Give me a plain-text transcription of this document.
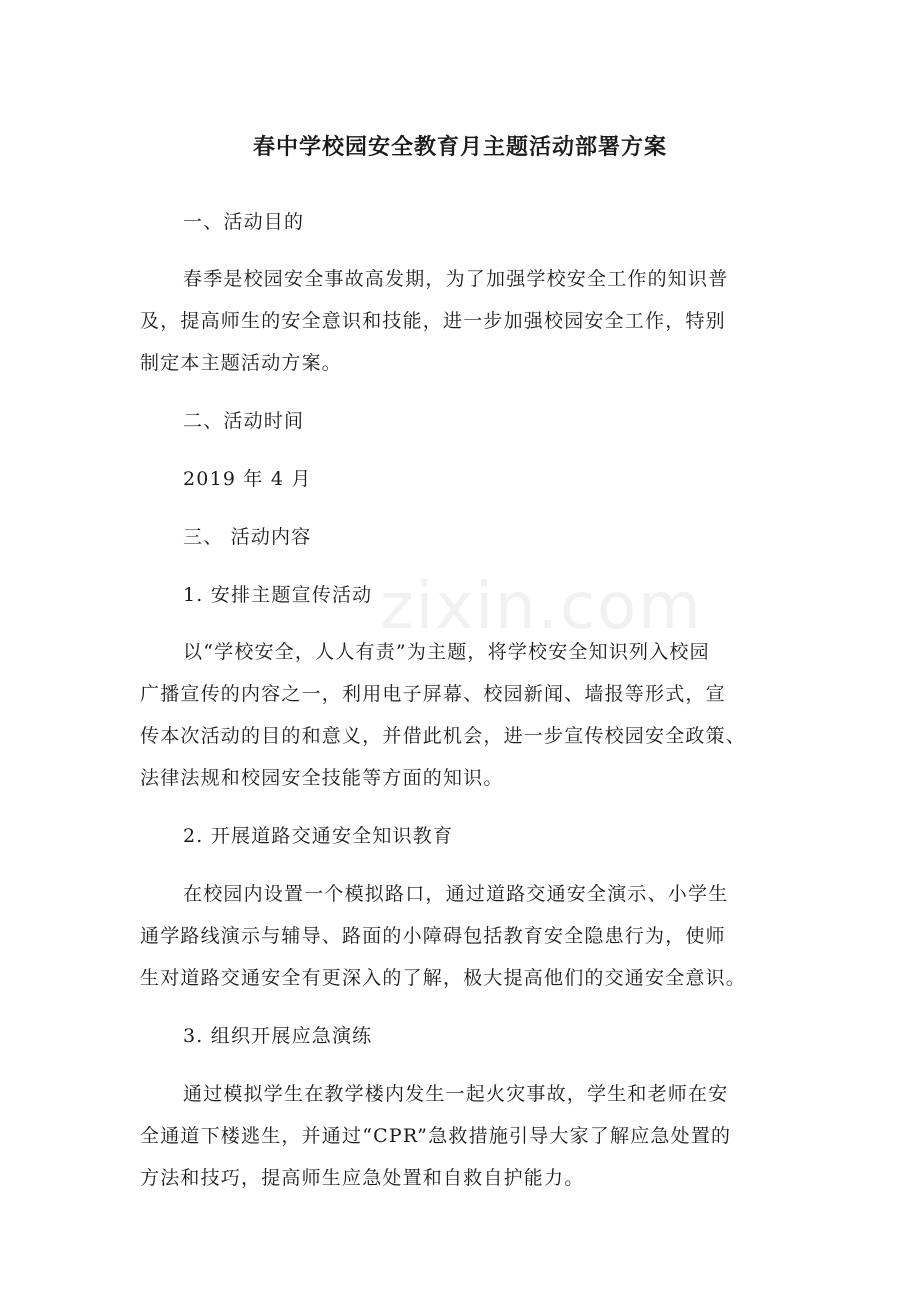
zixin.com
春中学校园安全教育月主题活动部署方案
一、活动目的
春季是校园安全事故高发期，为了加强学校安全工作的知识普
及，提高师生的安全意识和技能，进一步加强校园安全工作，特别
制定本主题活动方案。
二、活动时间
2019 年 4 月
三、 活动内容
1. 安排主题宣传活动
以“学校安全，人人有责”为主题，将学校安全知识列入校园
广播宣传的内容之一，利用电子屏幕、校园新闻、墙报等形式，宣
传本次活动的目的和意义，并借此机会，进一步宣传校园安全政策、
法律法规和校园安全技能等方面的知识。
2. 开展道路交通安全知识教育
在校园内设置一个模拟路口，通过道路交通安全演示、小学生
通学路线演示与辅导、路面的小障碍包括教育安全隐患行为，使师
生对道路交通安全有更深入的了解，极大提高他们的交通安全意识。
3. 组织开展应急演练
通过模拟学生在教学楼内发生一起火灾事故，学生和老师在安
全通道下楼逃生，并通过“CPR”急救措施引导大家了解应急处置的
方法和技巧，提高师生应急处置和自救自护能力。
